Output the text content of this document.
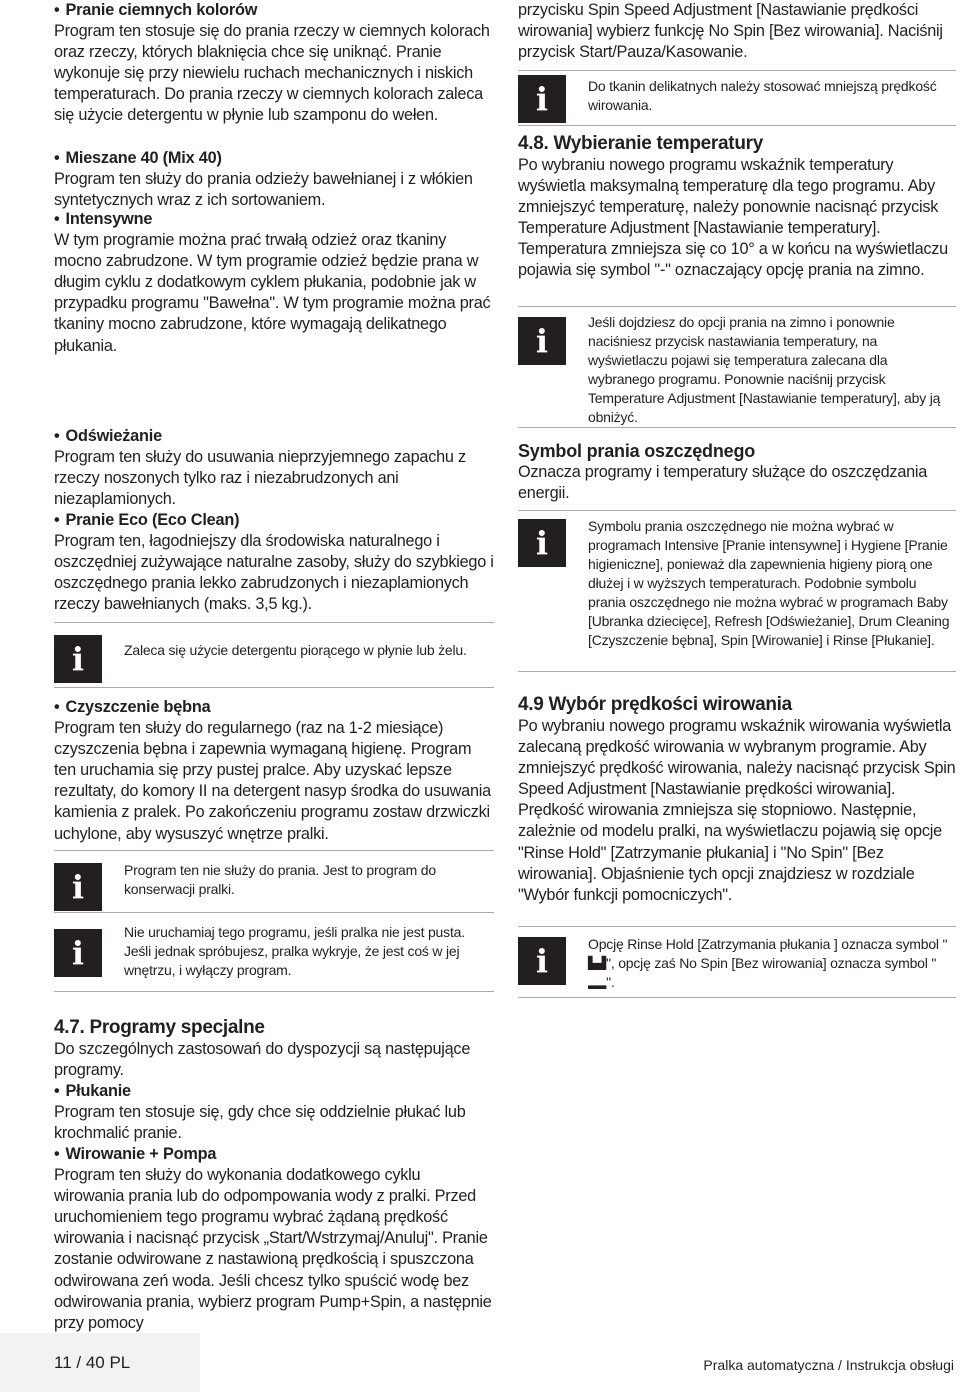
• Pranie ciemnych kolorów

Program ten stosuje się do prania rzeczy w ciemnych kolorach oraz rzeczy, których blaknięcia chce się uniknąć. Pranie wykonuje się przy niewielu ruchach mechanicznych i niskich temperaturach. Do prania rzeczy w ciemnych kolorach zaleca się użycie detergentu w płynie lub szamponu do wełen.

• Mieszane 40 (Mix 40)

Program ten służy do prania odzieży bawełnianej i z włókien syntetycznych wraz z ich sortowaniem.

• Intensywne

W tym programie można prać trwałą odzież oraz tkaniny mocno zabrudzone. W tym programie odzież będzie prana w długim cyklu z dodatkowym cyklem płukania, podobnie jak w przypadku programu "Bawełna". W tym programie można prać tkaniny mocno zabrudzone, które wymagają delikatnego płukania.

• Odświeżanie

Program ten służy do usuwania nieprzyjemnego zapachu z rzeczy noszonych tylko raz i niezabrudzonych ani niezaplamionych.

• Pranie Eco (Eco Clean)

Program ten, łagodniejszy dla środowiska naturalnego i oszczędniej zużywające naturalne zasoby, służy do szybkiego i oszczędnego prania lekko zabrudzonych i niezaplamionych rzeczy bawełnianych (maks. 3,5 kg.).

i	Zaleca się użycie detergentu piorącego w płynie lub żelu.

• Czyszczenie bębna

Program ten służy do regularnego (raz na 1-2 miesiące) czyszczenia bębna i zapewnia wymaganą higienę. Program ten uruchamia się przy pustej pralce. Aby uzyskać lepsze rezultaty, do komory II na detergent nasyp środka do usuwania kamienia z pralek. Po zakończeniu programu zostaw drzwiczki uchylone, aby wysuszyć wnętrze pralki.

i	Program ten nie służy do prania. Jest to program do konserwacji pralki.

i

Nie uruchamiaj tego programu, jeśli pralka nie jest pusta. Jeśli jednak spróbujesz, pralka wykryje, że jest coś w jej wnętrzu, i wyłączy program.

4.7. Programy specjalne

Do szczególnych zastosowań do dyspozycji są następujące programy.

• Płukanie

Program ten stosuje się, gdy chce się oddzielnie płukać lub krochmalić pranie.

• Wirowanie + Pompa

Program ten służy do wykonania dodatkowego cyklu wirowania prania lub do odpompowania wody z pralki. Przed uruchomieniem tego programu wybrać żądaną prędkość wirowania i nacisnąć przycisk „Start/Wstrzymaj/Anuluj". Pranie zostanie odwirowane z nastawioną prędkością i spuszczona odwirowana zeń woda. Jeśli chcesz tylko spuścić wodę bez odwirowania prania, wybierz program Pump+Spin, a następnie przy pomocy

przycisku Spin Speed Adjustment [Nastawianie prędkości wirowania] wybierz funkcję No Spin [Bez wirowania]. Naciśnij przycisk Start/Pauza/Kasowanie.

i	Do tkanin delikatnych należy stosować mniejszą prędkość wirowania.

4.8. Wybieranie temperatury

Po wybraniu nowego programu wskaźnik temperatury wyświetla maksymalną temperaturę dla tego programu. Aby zmniejszyć temperaturę, należy ponownie nacisnąć przycisk Temperature Adjustment [Nastawianie temperatury]. Temperatura zmniejsza się co 10° a w końcu na wyświetlaczu pojawia się symbol "-" oznaczający opcję prania na zimno.

i	Jeśli dojdziesz do opcji prania na zimno i ponownie naciśniesz przycisk nastawiania temperatury, na wyświetlaczu pojawi się temperatura zalecana dla wybranego programu. Ponownie naciśnij przycisk Temperature Adjustment [Nastawianie temperatury], aby ją obniżyć.

Symbol prania oszczędnego

Oznacza programy i temperatury służące do oszczędzania energii.

i	Symbolu prania oszczędnego nie można wybrać w programach Intensive [Pranie intensywne] i Hygiene [Pranie higieniczne], ponieważ dla zapewnienia higieny piorą one dłużej i w wyższych temperaturach. Podobnie symbolu prania oszczędnego nie można wybrać w programach Baby [Ubranka dziecięce], Refresh [Odświeżanie], Drum Cleaning [Czyszczenie bębna], Spin [Wirowanie] i Rinse [Płukanie].

4.9 Wybór prędkości wirowania

Po wybraniu nowego programu wskaźnik wirowania wyświetla zalecaną prędkość wirowania w wybranym programie. Aby zmniejszyć prędkość wirowania, należy nacisnąć przycisk Spin Speed Adjustment [Nastawianie prędkości wirowania]. Prędkość wirowania zmniejsza się stopniowo. Następnie, zależnie od modelu pralki, na wyświetlaczu pojawią się opcje "Rinse Hold" [Zatrzymanie płukania] i "No Spin" [Bez wirowania]. Objaśnienie tych opcji znajdziesz w rozdziale "Wybór funkcji pomocniczych".

i	Opcję Rinse Hold [Zatrzymania płukania ] oznacza symbol "▙▟", opcję zaś No Spin [Bez wirowania] oznacza symbol "▂▂".

11 / 40 PL	Pralka automatyczna / Instrukcja obsługi
